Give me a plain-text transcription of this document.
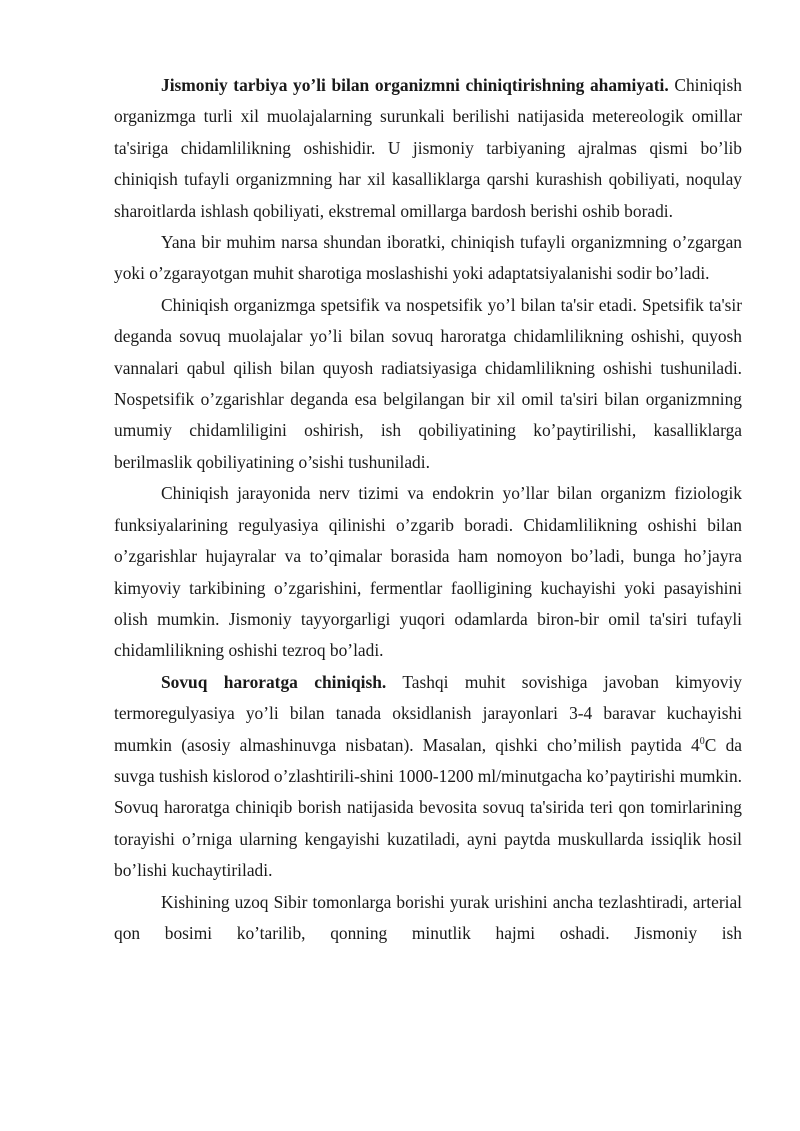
Jismoniy tarbiya yo’li bilan organizmni chiniqtirishning ahamiyati. Chiniqish organizmga turli xil muolajalarning surunkali berilishi natijasida metereologik omillar ta'siriga chidamlilikning oshishidir. U jismoniy tarbiyaning ajralmas qismi bo’lib chiniqish tufayli organizmning har xil kasalliklarga qarshi kurashish qobiliyati, noqulay sharoitlarda ishlash qobiliyati, ekstremal omillarga bardosh berishi oshib boradi.

Yana bir muhim narsa shundan iboratki, chiniqish tufayli organizmning o’zgargan yoki o’zgarayotgan muhit sharotiga moslashishi yoki adaptatsiyalanishi sodir bo’ladi.

Chiniqish organizmga spetsifik va nospetsifik yo’l bilan ta'sir etadi. Spetsifik ta'sir deganda sovuq muolajalar yo’li bilan sovuq haroratga chidamlilikning oshishi, quyosh vannalari qabul qilish bilan quyosh radiatsiyasiga chidamlilikning oshishi tushuniladi. Nospetsifik o’zgarishlar deganda esa belgilangan bir xil omil ta'siri bilan organizmning umumiy chidamliligini oshirish, ish qobiliyatining ko’paytirilishi, kasalliklarga berilmaslik qobiliyatining o’sishi tushuniladi.

Chiniqish jarayonida nerv tizimi va endokrin yo’llar bilan organizm fiziologik funksiyalarining regulyasiya qilinishi o’zgarib boradi. Chidamlilikning oshishi bilan o’zgarishlar hujayralar va to’qimalar borasida ham nomoyon bo’ladi, bunga ho’jayra kimyoviy tarkibining o’zgarishini, fermentlar faolligining kuchayishi yoki pasayishini olish mumkin. Jismoniy tayyorgarligi yuqori odamlarda biron-bir omil ta'siri tufayli chidamlilikning oshishi tezroq bo’ladi.

Sovuq haroratga chiniqish. Tashqi muhit sovishiga javoban kimyoviy termoregulyasiya yo’li bilan tanada oksidlanish jarayonlari 3-4 baravar kuchayishi mumkin (asosiy almashinuvga nisbatan). Masalan, qishki cho’milish paytida $4^0C$ da suvga tushish kislorod o’zlashtirili-shini 1000-1200 ml/minutgacha ko’paytirishi mumkin. Sovuq haroratga chiniqib borish natijasida bevosita sovuq ta'sirida teri qon tomirlarining torayishi o’rniga ularning kengayishi kuzatiladi, ayni paytda muskullarda issiqlik hosil bo’lishi kuchaytiriladi.

Kishining uzoq Sibir tomonlarga borishi yurak urishini ancha tezlashtiradi, arterial qon bosimi ko’tarilib, qonning minutlik hajmi oshadi. Jismoniy ish
